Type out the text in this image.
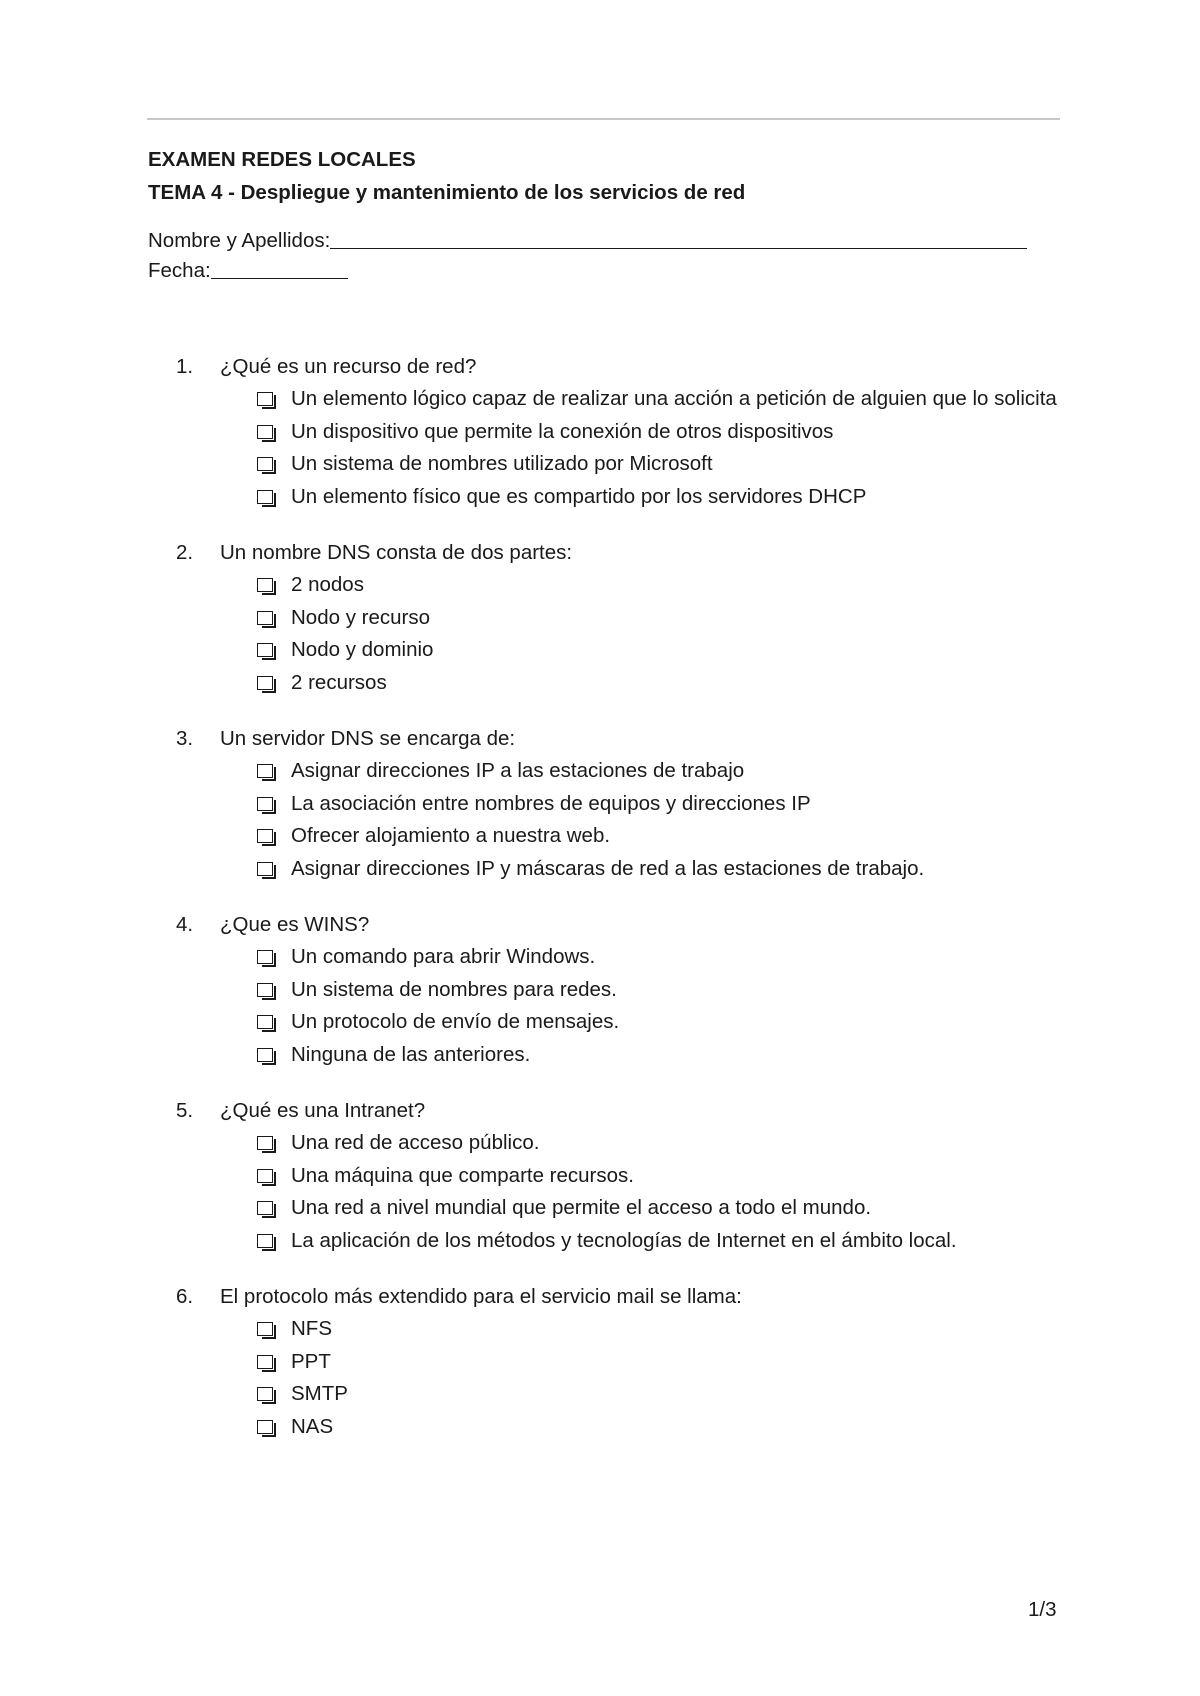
EXAMEN REDES LOCALES
TEMA 4 - Despliegue y mantenimiento de los servicios de red
Nombre y Apellidos:
Fecha:
1.	¿Qué es un recurso de red?
Un elemento lógico capaz de realizar una acción a petición de alguien que lo solicita
Un dispositivo que permite la conexión de otros dispositivos
Un sistema de nombres utilizado por Microsoft
Un elemento físico que es compartido por los servidores DHCP
2.	Un nombre DNS consta de dos partes:
2 nodos
Nodo y recurso
Nodo y dominio
2 recursos
3.	Un servidor DNS se encarga de:
Asignar direcciones IP a las estaciones de trabajo
La asociación entre nombres de equipos y direcciones IP
Ofrecer alojamiento a nuestra web.
Asignar direcciones IP y máscaras de red a las estaciones de trabajo.
4.	¿Que es WINS?
Un comando para abrir Windows.
Un sistema de nombres para redes.
Un protocolo de envío de mensajes.
Ninguna de las anteriores.
5.	¿Qué es una Intranet?
Una red de acceso público.
Una máquina que comparte recursos.
Una red a nivel mundial que permite el acceso a todo el mundo.
La aplicación de los métodos y tecnologías de Internet en el ámbito local.
6.	El protocolo más extendido para el servicio mail se llama:
NFS
PPT
SMTP
NAS
1/3
